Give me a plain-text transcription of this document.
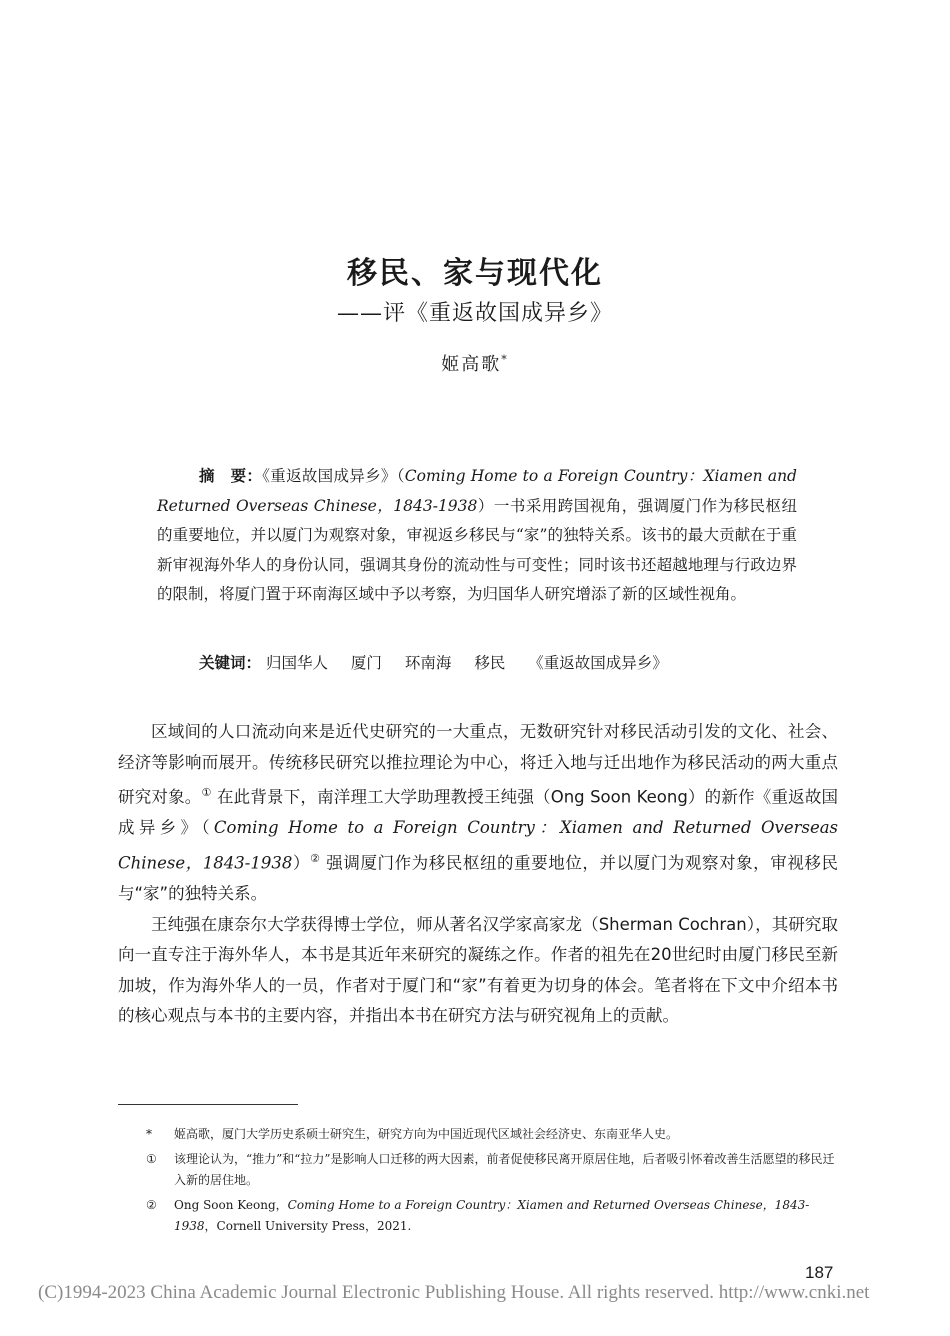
移民、家与现代化
——评《重返故国成异乡》
姬高歌*
摘　要：《重返故国成异乡》（Coming Home to a Foreign Country：Xiamen and Returned Overseas Chinese，1843-1938）一书采用跨国视角，强调厦门作为移民枢纽的重要地位，并以厦门为观察对象，审视返乡移民与“家”的独特关系。该书的最大贡献在于重新审视海外华人的身份认同，强调其身份的流动性与可变性；同时该书还超越地理与行政边界的限制，将厦门置于环南海区域中予以考察，为归国华人研究增添了新的区域性视角。
关键词： 归国华人 厦门 环南海 移民 《重返故国成异乡》

区域间的人口流动向来是近代史研究的一大重点，无数研究针对移民活动引发的文化、社会、经济等影响而展开。传统移民研究以推拉理论为中心，将迁入地与迁出地作为移民活动的两大重点研究对象。① 在此背景下，南洋理工大学助理教授王纯强（Ong Soon Keong）的新作《重返故国成异乡》（Coming Home to a Foreign Country：Xiamen and Returned Overseas Chinese，1843-1938）② 强调厦门作为移民枢纽的重要地位，并以厦门为观察对象，审视移民与“家”的独特关系。

王纯强在康奈尔大学获得博士学位，师从著名汉学家高家龙（Sherman Cochran），其研究取向一直专注于海外华人，本书是其近年来研究的凝练之作。作者的祖先在20世纪时由厦门移民至新加坡，作为海外华人的一员，作者对于厦门和“家”有着更为切身的体会。笔者将在下文中介绍本书的核心观点与本书的主要内容，并指出本书在研究方法与研究视角上的贡献。

*	姬高歌，厦门大学历史系硕士研究生，研究方向为中国近现代区域社会经济史、东南亚华人史。
①	该理论认为，“推力”和“拉力”是影响人口迁移的两大因素，前者促使移民离开原居住地，后者吸引怀着改善生活愿望的移民迁入新的居住地。
②	Ong Soon Keong，Coming Home to a Foreign Country：Xiamen and Returned Overseas Chinese，1843-1938，Cornell University Press，2021.
187
(C)1994-2023 China Academic Journal Electronic Publishing House. All rights reserved. http://www.cnki.net
